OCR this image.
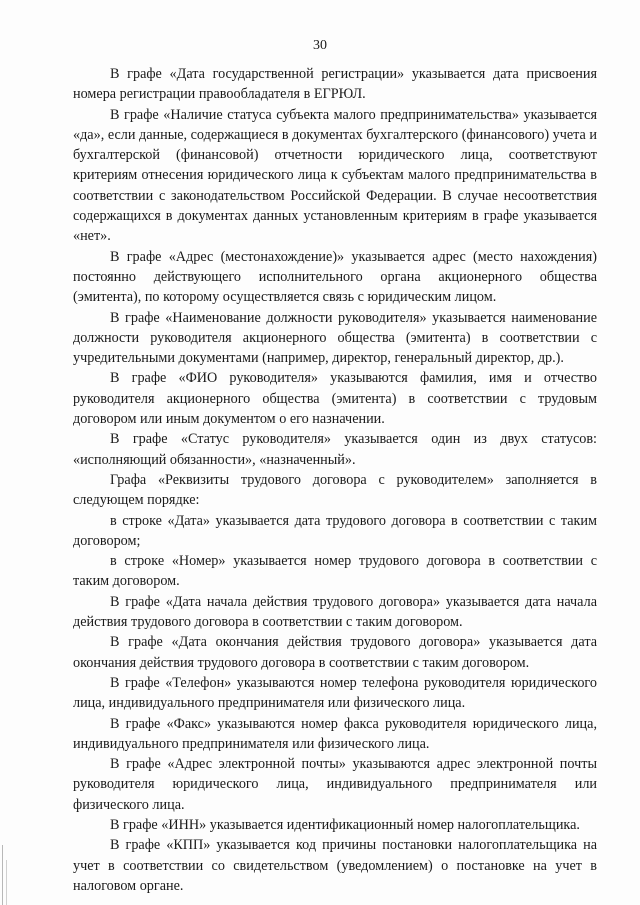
30

В графе «Дата государственной регистрации» указывается дата присвоения номера регистрации правообладателя в ЕГРЮЛ.

В графе «Наличие статуса субъекта малого предпринимательства» указывается «да», если данные, содержащиеся в документах бухгалтерского (финансового) учета и бухгалтерской (финансовой) отчетности юридического лица, соответствуют критериям отнесения юридического лица к субъектам малого предпринимательства в соответствии с законодательством Российской Федерации. В случае несоответствия содержащихся в документах данных установленным критериям в графе указывается «нет».

В графе «Адрес (местонахождение)» указывается адрес (место нахождения) постоянно действующего исполнительного органа акционерного общества (эмитента), по которому осуществляется связь с юридическим лицом.

В графе «Наименование должности руководителя» указывается наименование должности руководителя акционерного общества (эмитента) в соответствии с учредительными документами (например, директор, генеральный директор, др.).

В графе «ФИО руководителя» указываются фамилия, имя и отчество руководителя акционерного общества (эмитента) в соответствии с трудовым договором или иным документом о его назначении.

В графе «Статус руководителя» указывается один из двух статусов: «исполняющий обязанности», «назначенный».

Графа «Реквизиты трудового договора с руководителем» заполняется в следующем порядке:

в строке «Дата» указывается дата трудового договора в соответствии с таким договором;

в строке «Номер» указывается номер трудового договора в соответствии с таким договором.

В графе «Дата начала действия трудового договора» указывается дата начала действия трудового договора в соответствии с таким договором.

В графе «Дата окончания действия трудового договора» указывается дата окончания действия трудового договора в соответствии с таким договором.

В графе «Телефон» указываются номер телефона руководителя юридического лица, индивидуального предпринимателя или физического лица.

В графе «Факс» указываются номер факса руководителя юридического лица, индивидуального предпринимателя или физического лица.

В графе «Адрес электронной почты» указываются адрес электронной почты руководителя юридического лица, индивидуального предпринимателя или физического лица.

В графе «ИНН» указывается идентификационный номер налогоплательщика.

В графе «КПП» указывается код причины постановки налогоплательщика на учет в соответствии со свидетельством (уведомлением) о постановке на учет в налоговом органе.
